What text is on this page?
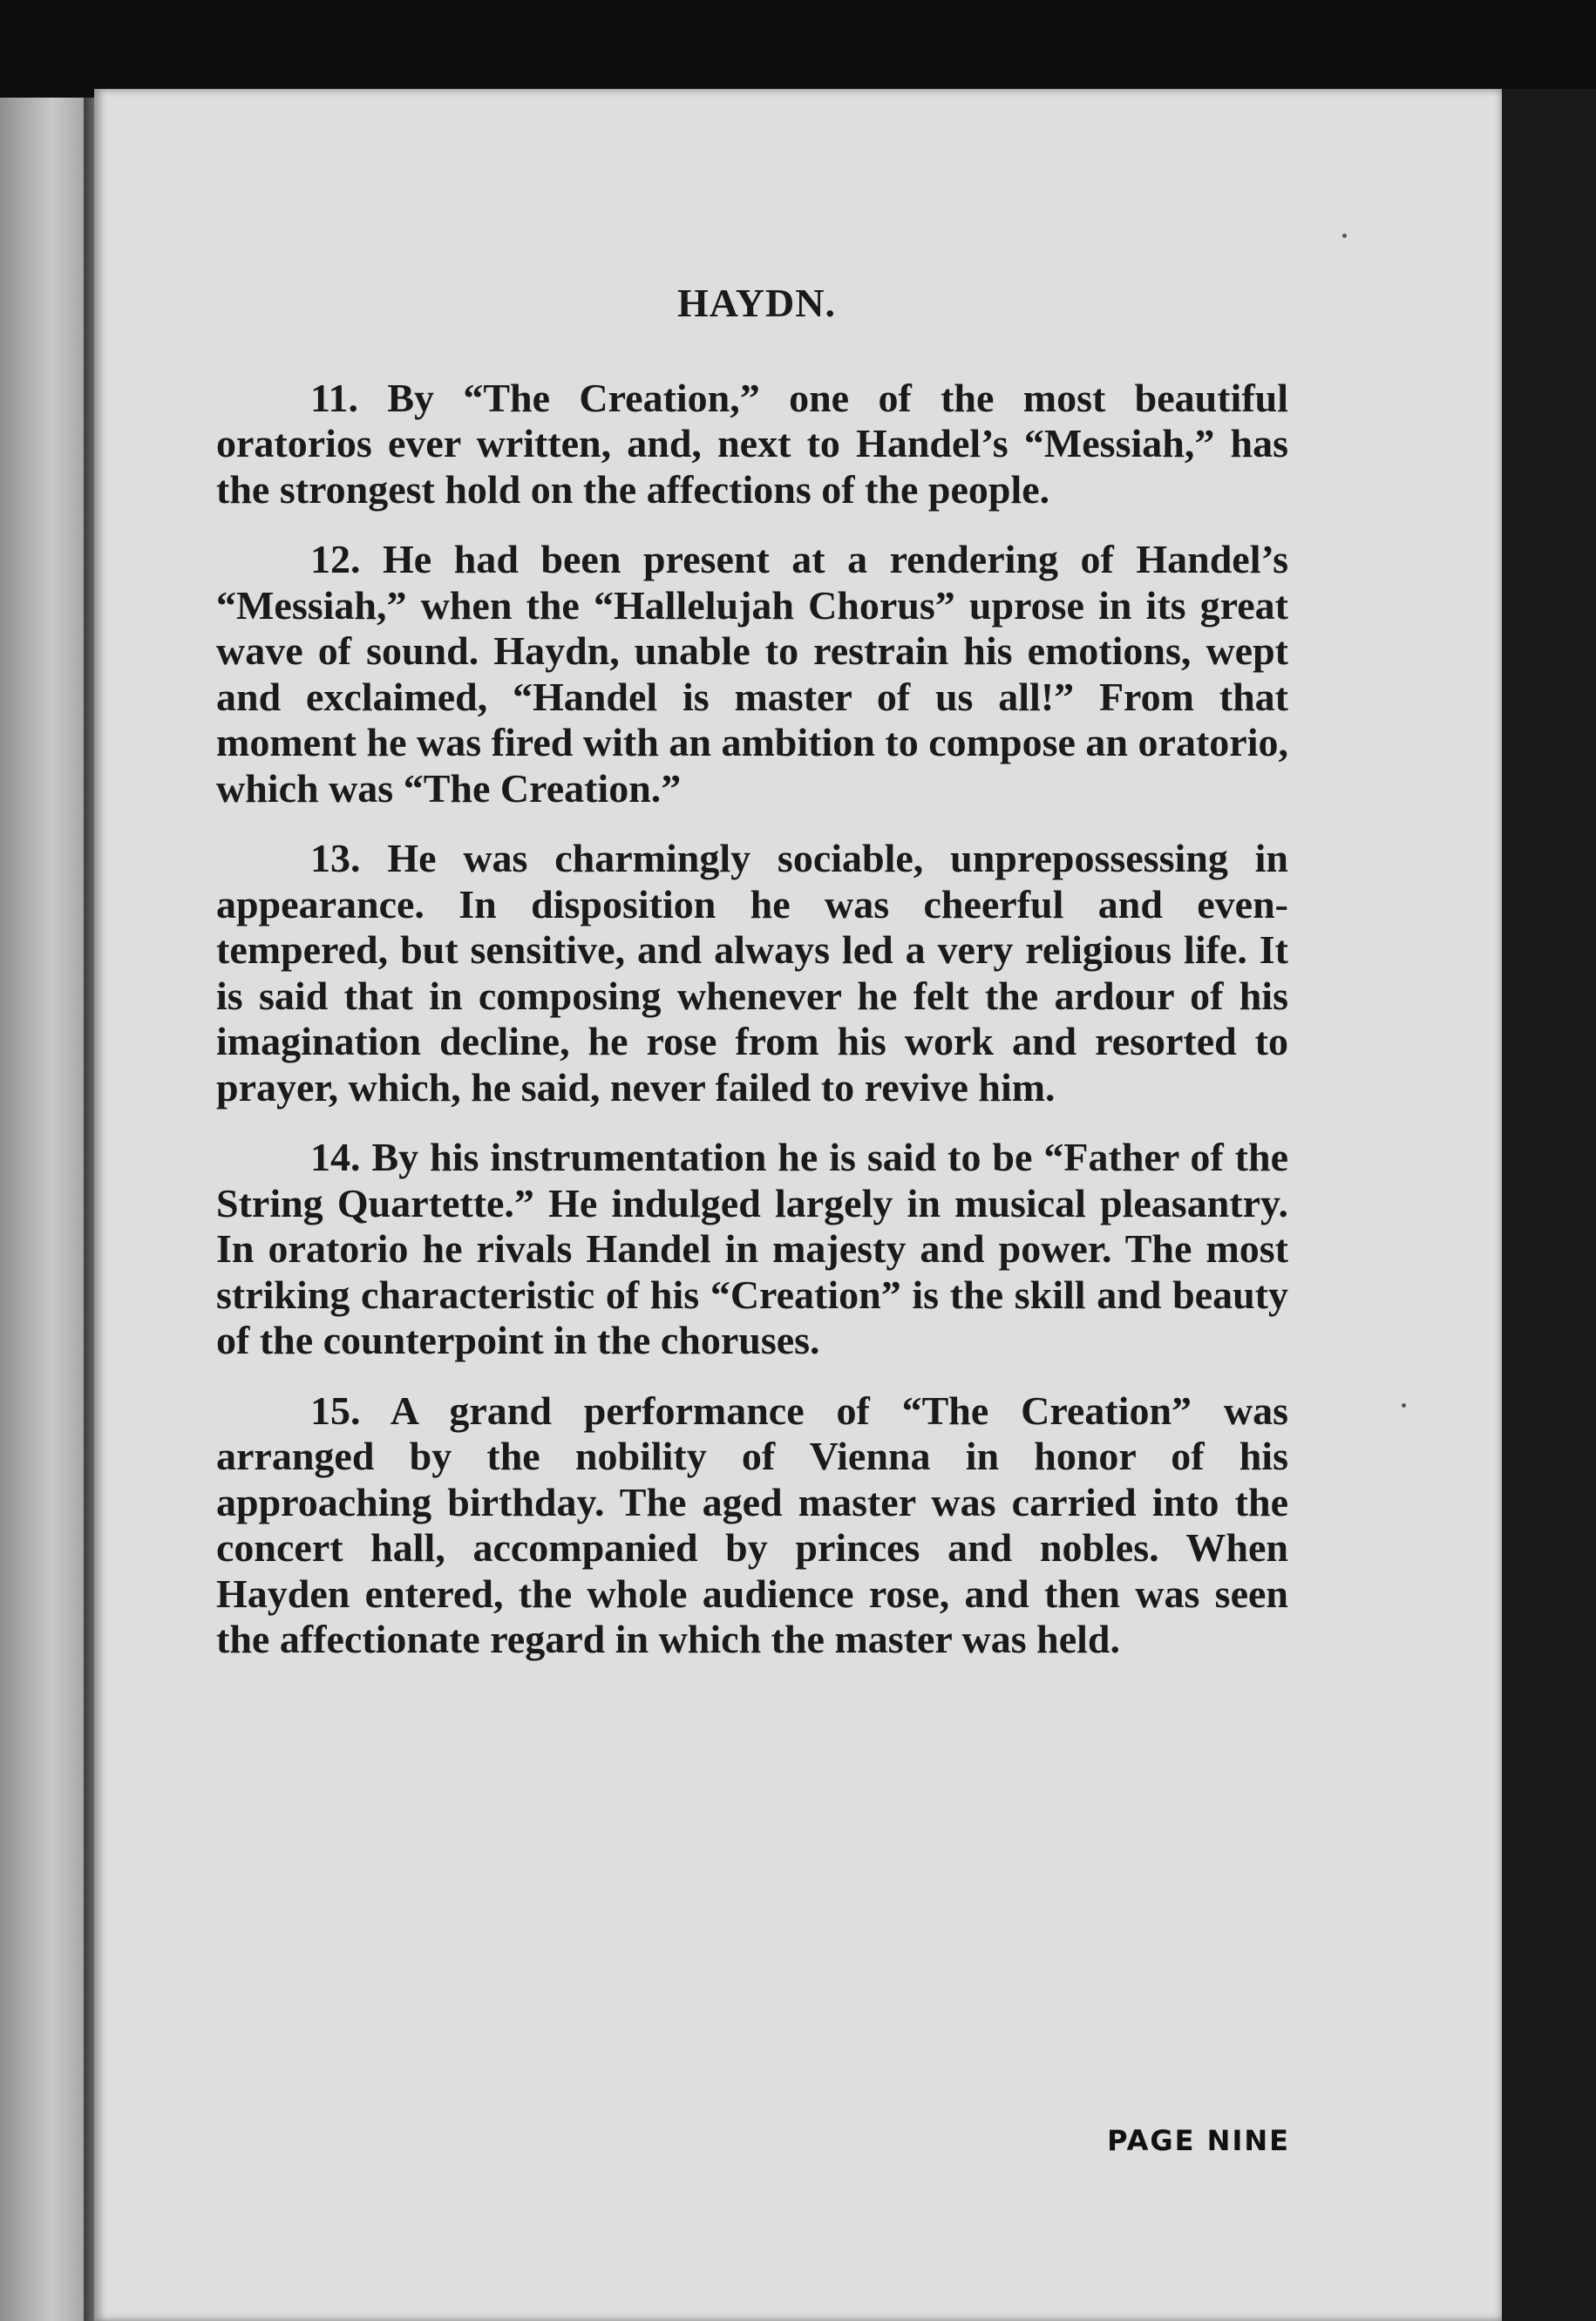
HAYDN.

11. By “The Creation,” one of the most beautiful oratorios ever written, and, next to Handel’s “Messiah,” has the strongest hold on the affections of the people.

12. He had been present at a rendering of Handel’s “Messiah,” when the “Hallelujah Chorus” uprose in its great wave of sound. Haydn, unable to restrain his emotions, wept and exclaimed, “Handel is master of us all!” From that moment he was fired with an ambition to compose an oratorio, which was “The Creation.”

13. He was charmingly sociable, unprepossessing in appearance. In disposition he was cheerful and even-tempered, but sensitive, and always led a very religious life. It is said that in composing whenever he felt the ardour of his imagination decline, he rose from his work and resorted to prayer, which, he said, never failed to revive him.

14. By his instrumentation he is said to be “Father of the String Quartette.” He indulged largely in musical pleasantry. In oratorio he rivals Handel in majesty and power. The most striking characteristic of his “Creation” is the skill and beauty of the counterpoint in the choruses.

15. A grand performance of “The Creation” was arranged by the nobility of Vienna in honor of his approaching birthday. The aged master was carried into the concert hall, accompanied by princes and nobles. When Hayden entered, the whole audience rose, and then was seen the affectionate regard in which the master was held.

PAGE NINE
